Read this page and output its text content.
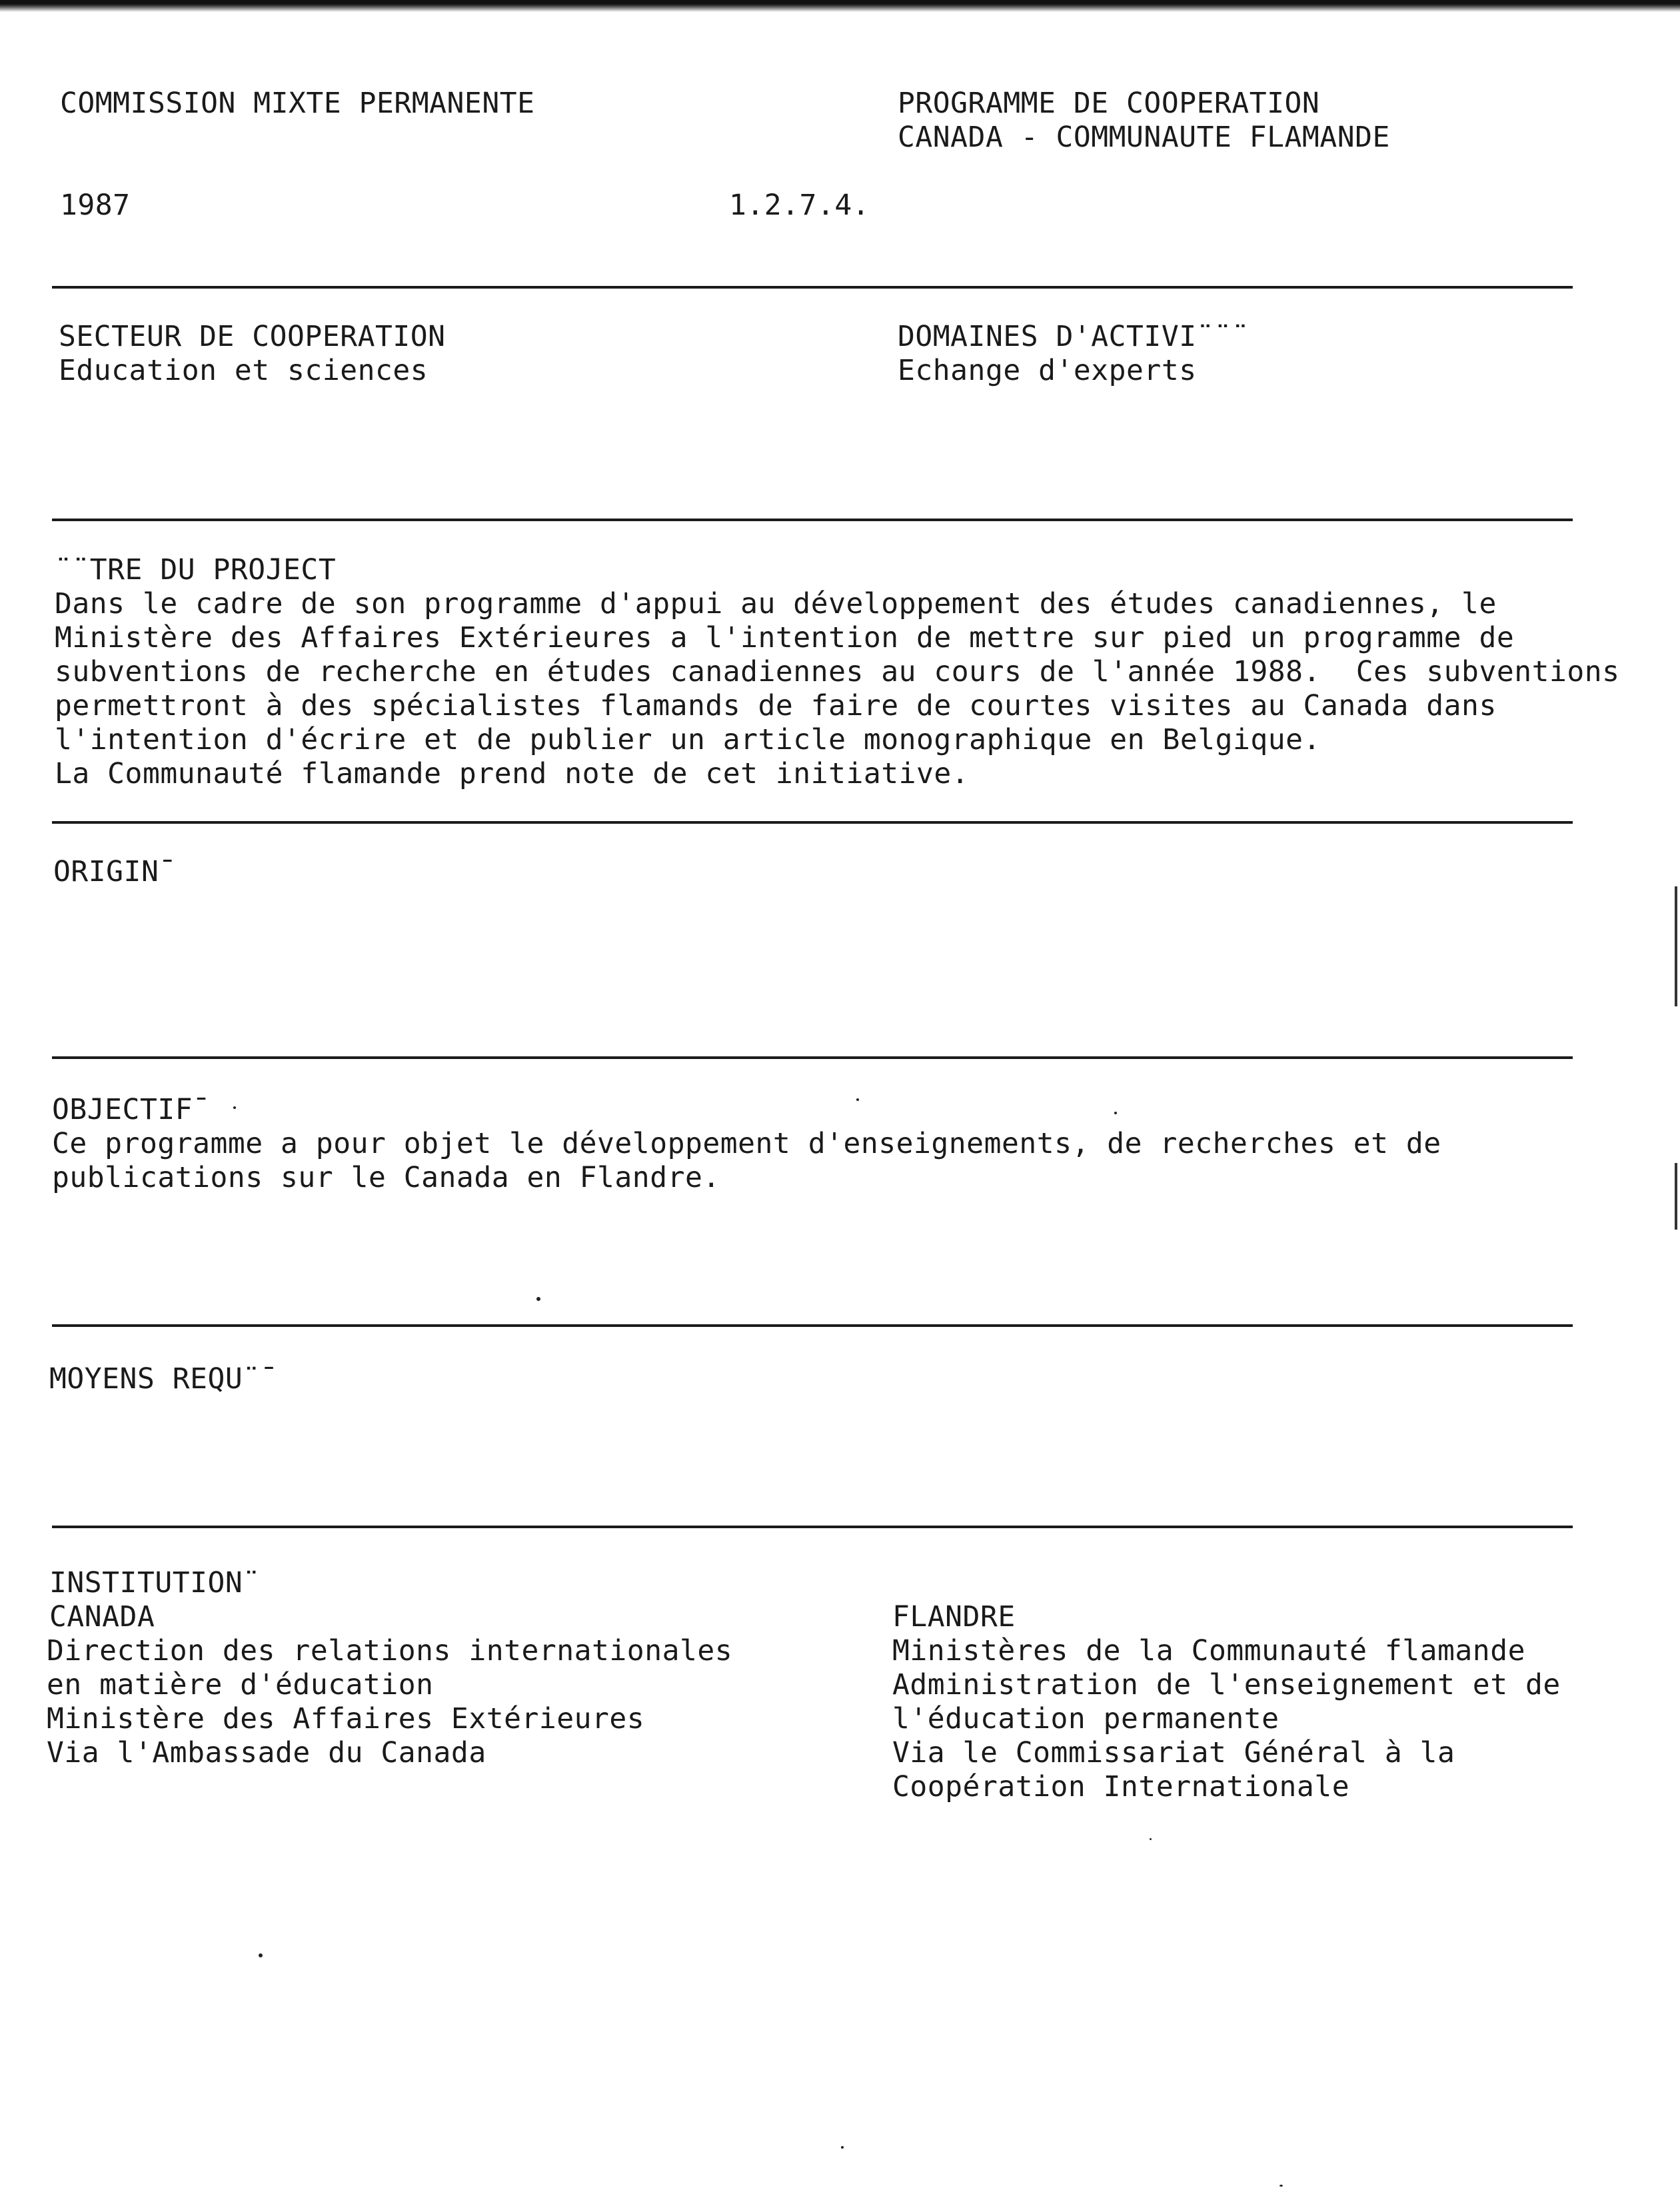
COMMISSION MIXTE PERMANENTE	PROGRAMME DE COOPERATION
CANADA - COMMUNAUTE FLAMANDE
1987	1.2.7.4.
SECTEUR DE COOPERATION
Education et sciences
DOMAINES D'ACTIVI¨¨¨
Echange d'experts
¨¨TRE DU PROJECT
Dans le cadre de son programme d'appui au développement des études canadiennes, le
Ministère des Affaires Extérieures a l'intention de mettre sur pied un programme de
subventions de recherche en études canadiennes au cours de l'année 1988.  Ces subventions
permettront à des spécialistes flamands de faire de courtes visites au Canada dans
l'intention d'écrire et de publier un article monographique en Belgique.
La Communauté flamande prend note de cet initiative.
ORIGIN¯
OBJECTIF¯
Ce programme a pour objet le développement d'enseignements, de recherches et de
publications sur le Canada en Flandre.
MOYENS REQU¨¯
INSTITUTION¨
CANADA
Direction des relations internationales
en matière d'éducation
Ministère des Affaires Extérieures
Via l'Ambassade du Canada
FLANDRE
Ministères de la Communauté flamande
Administration de l'enseignement et de
l'éducation permanente
Via le Commissariat Général à la
Coopération Internationale
